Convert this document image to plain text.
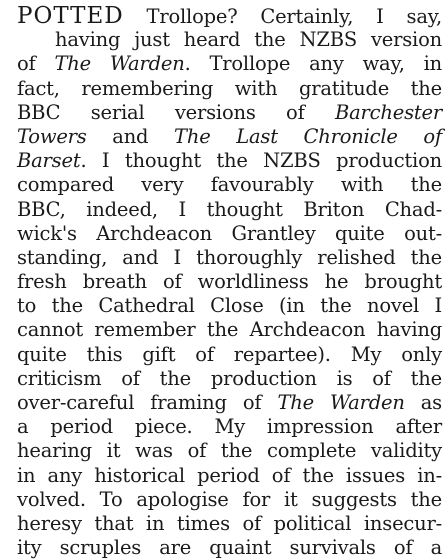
POTTED Trollope? Certainly, I say,
having just heard the NZBS version
of The Warden. Trollope any way, in
fact, remembering with gratitude the
BBC serial versions of Barchester
Towers and The Last Chronicle of
Barset. I thought the NZBS production
compared very favourably with the
BBC, indeed, I thought Briton Chad-
wick's Archdeacon Grantley quite out-
standing, and I thoroughly relished the
fresh breath of worldliness he brought
to the Cathedral Close (in the novel I
cannot remember the Archdeacon having
quite this gift of repartee). My only
criticism of the production is of the
over-careful framing of The Warden as
a period piece. My impression after
hearing it was of the complete validity
in any historical period of the issues in-
volved. To apologise for it suggests the
heresy that in times of political insecur-
ity scruples are quaint survivals of a
